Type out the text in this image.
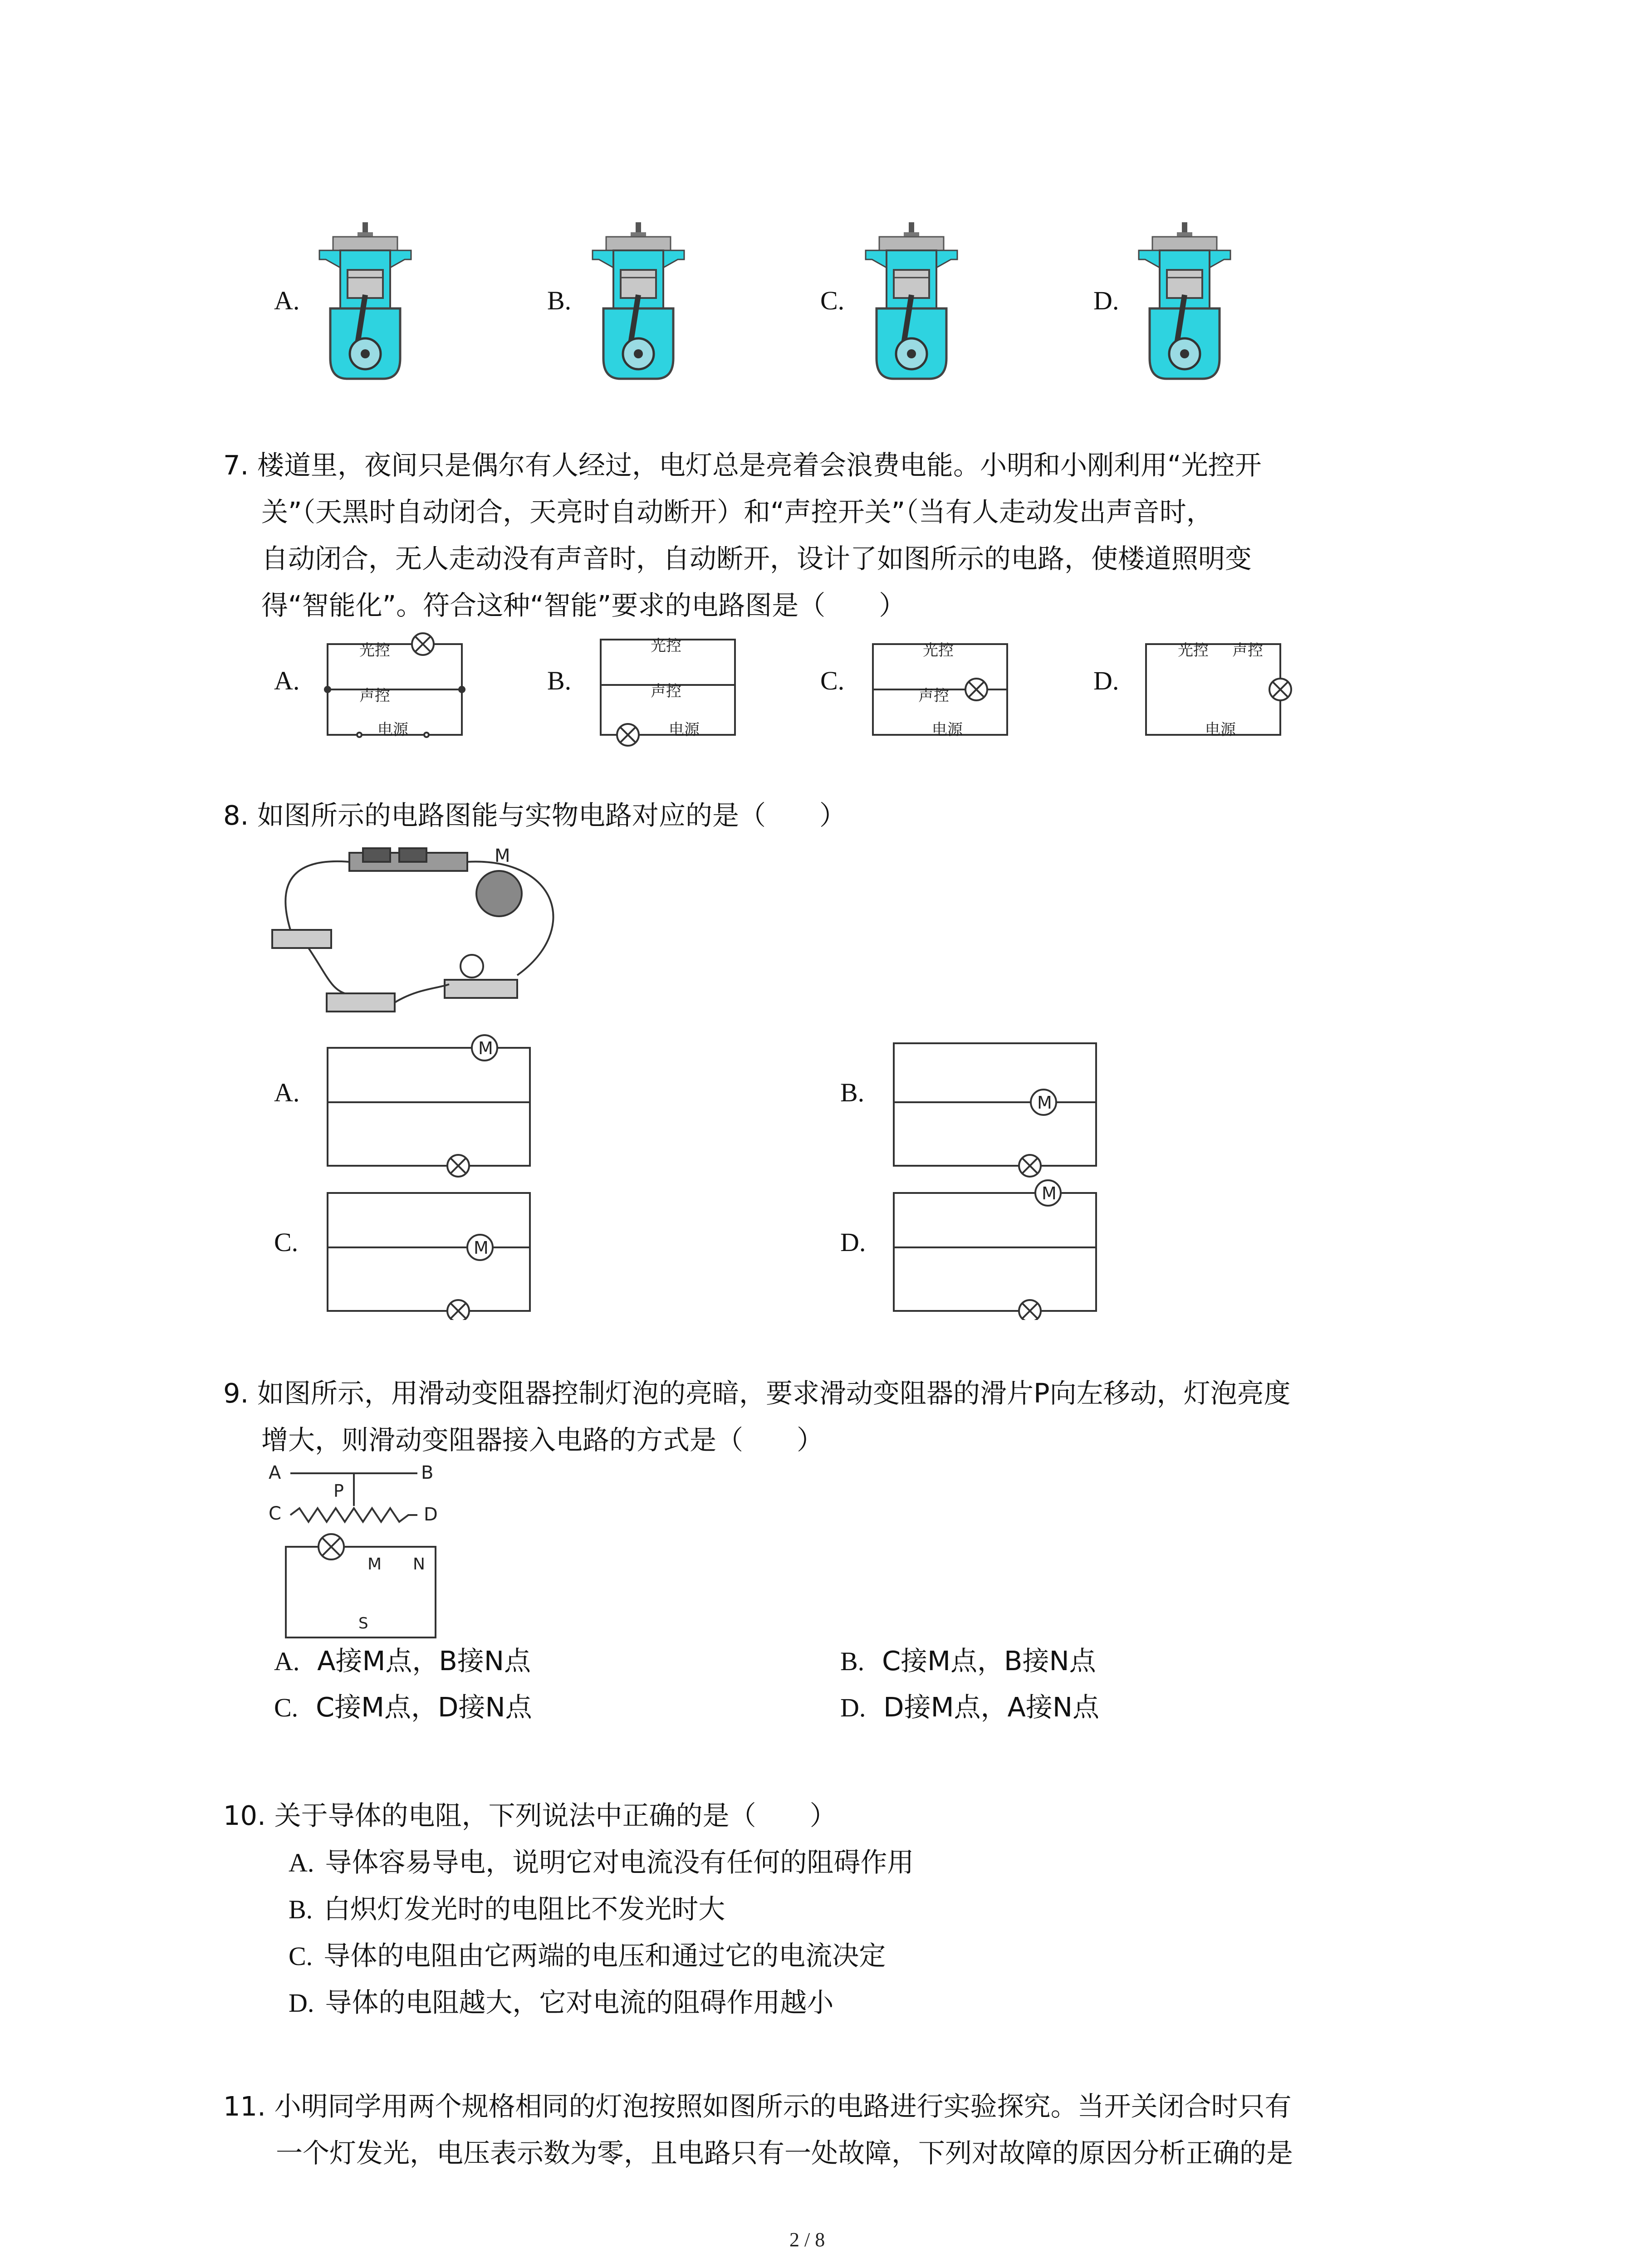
A.	B.	C.	D.
7. 楼道里，夜间只是偶尔有人经过，电灯总是亮着会浪费电能。小明和小刚利用“光控开
关”（天黑时自动闭合，天亮时自动断开）和“声控开关”（当有人走动发出声音时，
自动闭合，无人走动没有声音时，自动断开，设计了如图所示的电路，使楼道照明变
得“智能化”。符合这种“智能”要求的电路图是（　　）
A.	B.	C.	D.
光控
声控
电源
光控
声控
电源
光控
声控
电源
光控 声控
电源
8. 如图所示的电路图能与实物电路对应的是（　　）
M
A.	B.
C.	D.
M
M
M
M
9. 如图所示，用滑动变阻器控制灯泡的亮暗，要求滑动变阻器的滑片P向左移动，灯泡亮度
增大，则滑动变阻器接入电路的方式是（　　）
A	B
P
C	D
M N
S
A. A接M点，B接N点	B. C接M点，B接N点
C. C接M点，D接N点	D. D接M点，A接N点
10. 关于导体的电阻，下列说法中正确的是（　　）
A. 导体容易导电，说明它对电流没有任何的阻碍作用
B. 白炽灯发光时的电阻比不发光时大
C. 导体的电阻由它两端的电压和通过它的电流决定
D. 导体的电阻越大，它对电流的阻碍作用越小
11. 小明同学用两个规格相同的灯泡按照如图所示的电路进行实验探究。当开关闭合时只有
一个灯发光，电压表示数为零，且电路只有一处故障，下列对故障的原因分析正确的是
2 / 8
